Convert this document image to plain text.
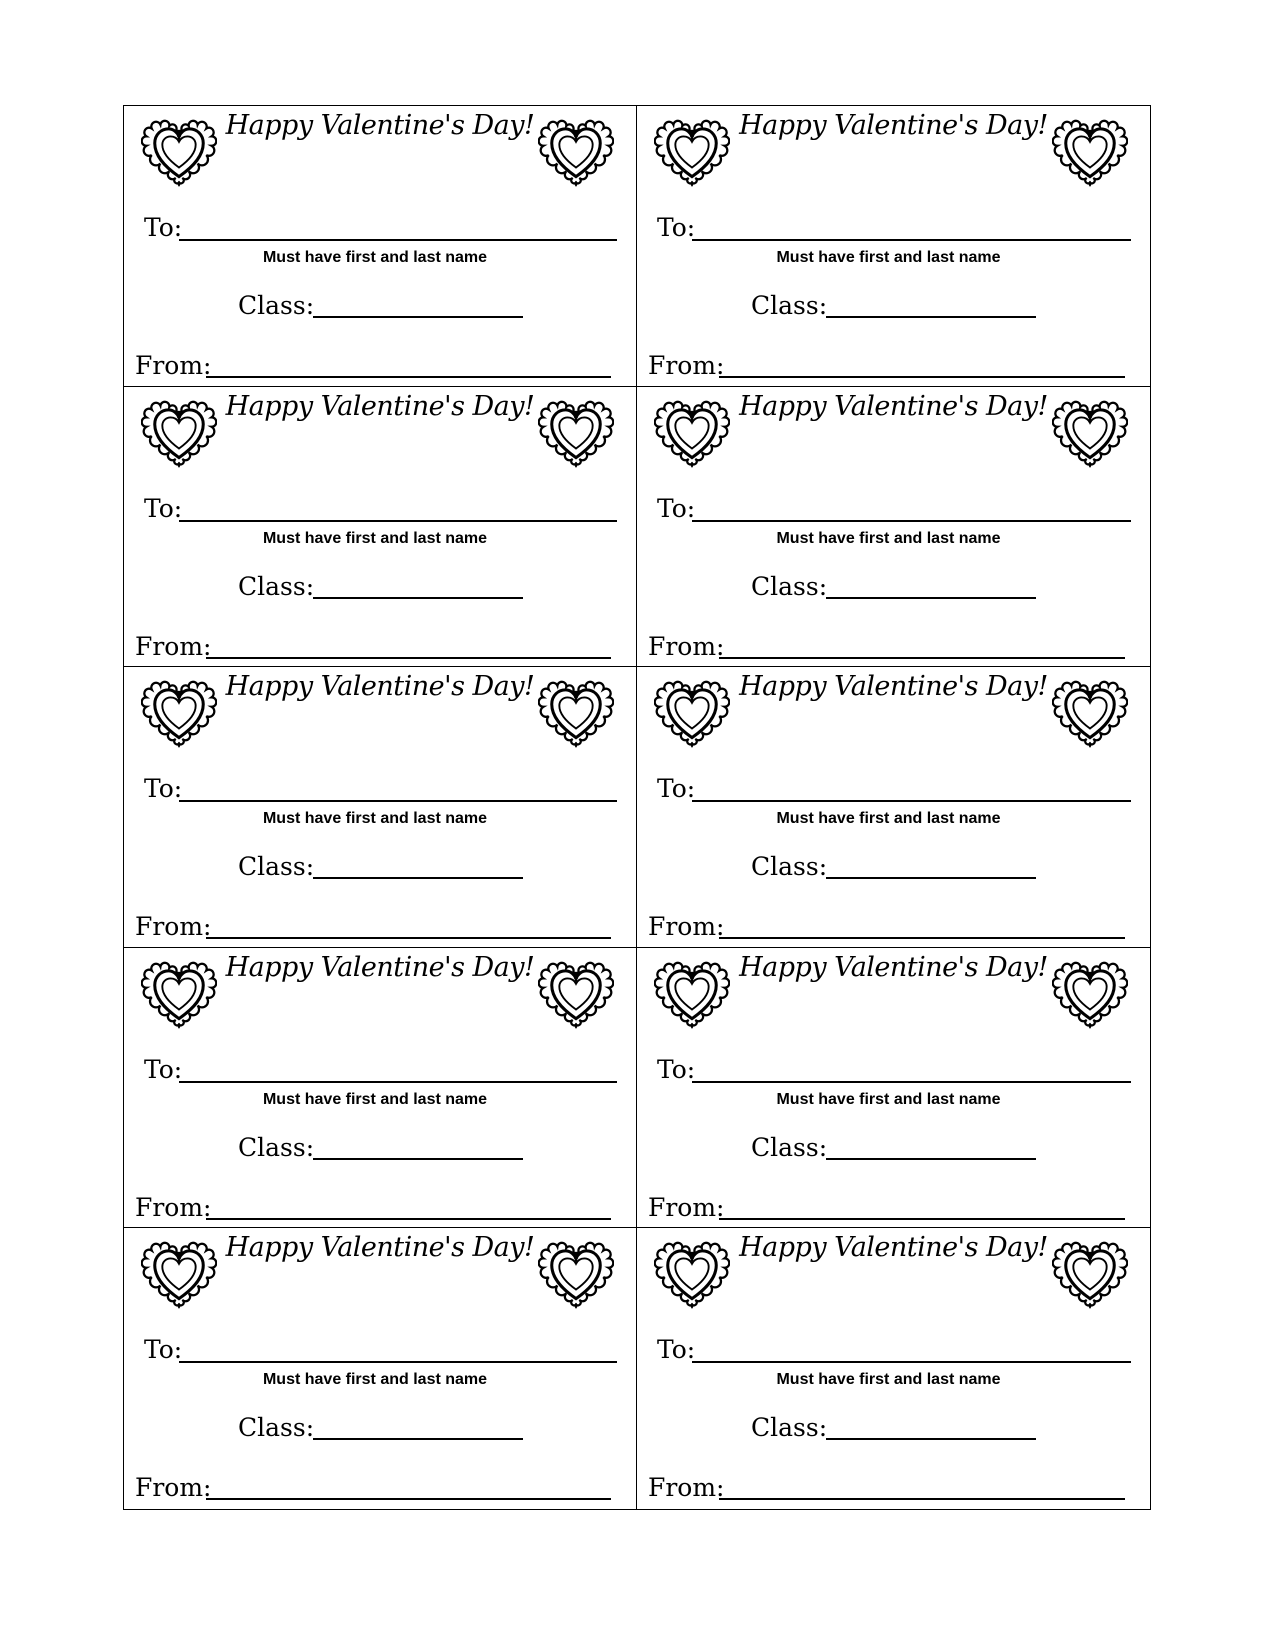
Happy Valentine's Day!
To:
Must have first and last name
Class:
From:
Happy Valentine's Day!
To:
Must have first and last name
Class:
From:
Happy Valentine's Day!
To:
Must have first and last name
Class:
From:
Happy Valentine's Day!
To:
Must have first and last name
Class:
From:
Happy Valentine's Day!
To:
Must have first and last name
Class:
From:
Happy Valentine's Day!
To:
Must have first and last name
Class:
From:
Happy Valentine's Day!
To:
Must have first and last name
Class:
From:
Happy Valentine's Day!
To:
Must have first and last name
Class:
From:
Happy Valentine's Day!
To:
Must have first and last name
Class:
From:
Happy Valentine's Day!
To:
Must have first and last name
Class:
From:
